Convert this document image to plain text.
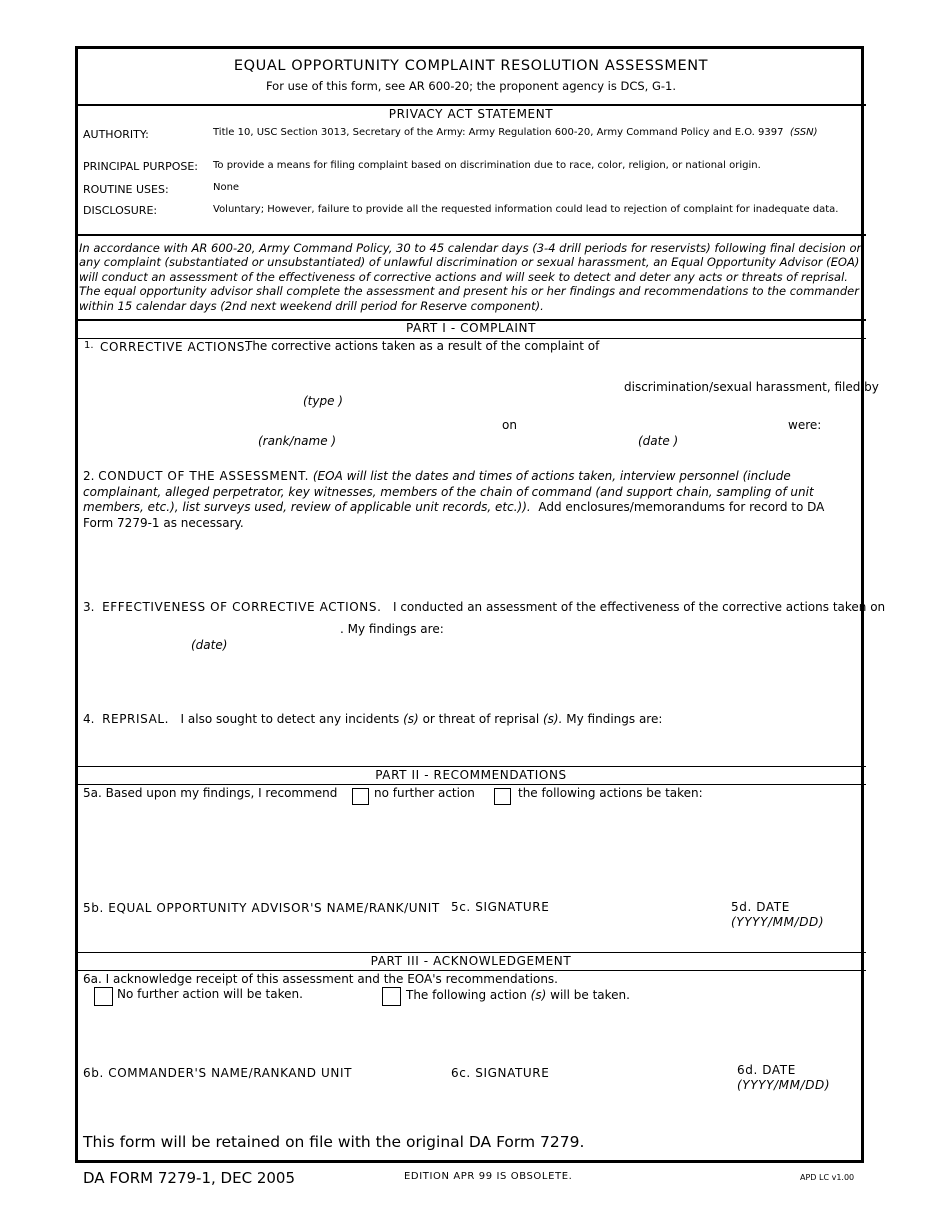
EQUAL OPPORTUNITY COMPLAINT RESOLUTION ASSESSMENT
For use of this form, see AR 600-20; the proponent agency is DCS, G-1.
PRIVACY ACT STATEMENT
AUTHORITY:	Title 10, USC Section 3013, Secretary of the Army: Army Regulation 600-20, Army Command Policy and E.O. 9397 (SSN)
PRINCIPAL PURPOSE: To provide a means for filing complaint based on discrimination due to race, color, religion, or national origin.
ROUTINE USES:	None
DISCLOSURE:	Voluntary; However, failure to provide all the requested information could lead to rejection of complaint for inadequate data.
In accordance with AR 600-20, Army Command Policy, 30 to 45 calendar days (3-4 drill periods for reservists) following final decision on any complaint (substantiated or unsubstantiated) of unlawful discrimination or sexual harassment, an Equal Opportunity Advisor (EOA) will conduct an assessment of the effectiveness of corrective actions and will seek to detect and deter any acts or threats of reprisal. The equal opportunity advisor shall complete the assessment and present his or her findings and recommendations to the commander within 15 calendar days (2nd next weekend drill period for Reserve component).
PART I - COMPLAINT
1. CORRECTIVE ACTIONS.
The corrective actions taken as a result of the complaint of
discrimination/sexual harassment, filed by
(type )
on	were:
(rank/name )	(date )
2. CONDUCT OF THE ASSESSMENT. (EOA will list the dates and times of actions taken, interview personnel (include complainant, alleged perpetrator, key witnesses, members of the chain of command (and support chain, sampling of unit members, etc.), list surveys used, review of applicable unit records, etc.)). Add enclosures/memorandums for record to DA Form 7279-1 as necessary.
3. EFFECTIVENESS OF CORRECTIVE ACTIONS. I conducted an assessment of the effectiveness of the corrective actions taken on
. My findings are:
(date)
4. REPRISAL. I also sought to detect any incidents (s) or threat of reprisal (s). My findings are:
PART II - RECOMMENDATIONS
5a. Based upon my findings, I recommend	no further action	the following actions be taken:
5b. EQUAL OPPORTUNITY ADVISOR'S NAME/RANK/UNIT 5c. SIGNATURE	5d. DATE
(YYYY/MM/DD)
PART III - ACKNOWLEDGEMENT
6a. I acknowledge receipt of this assessment and the EOA's recommendations.
No further action will be taken.	The following action (s) will be taken.
6b. COMMANDER'S NAME/RANKAND UNIT	6c. SIGNATURE	6d. DATE
(YYYY/MM/DD)
This form will be retained on file with the original DA Form 7279.
DA FORM 7279-1, DEC 2005	EDITION APR 99 IS OBSOLETE.	APD LC v1.00
